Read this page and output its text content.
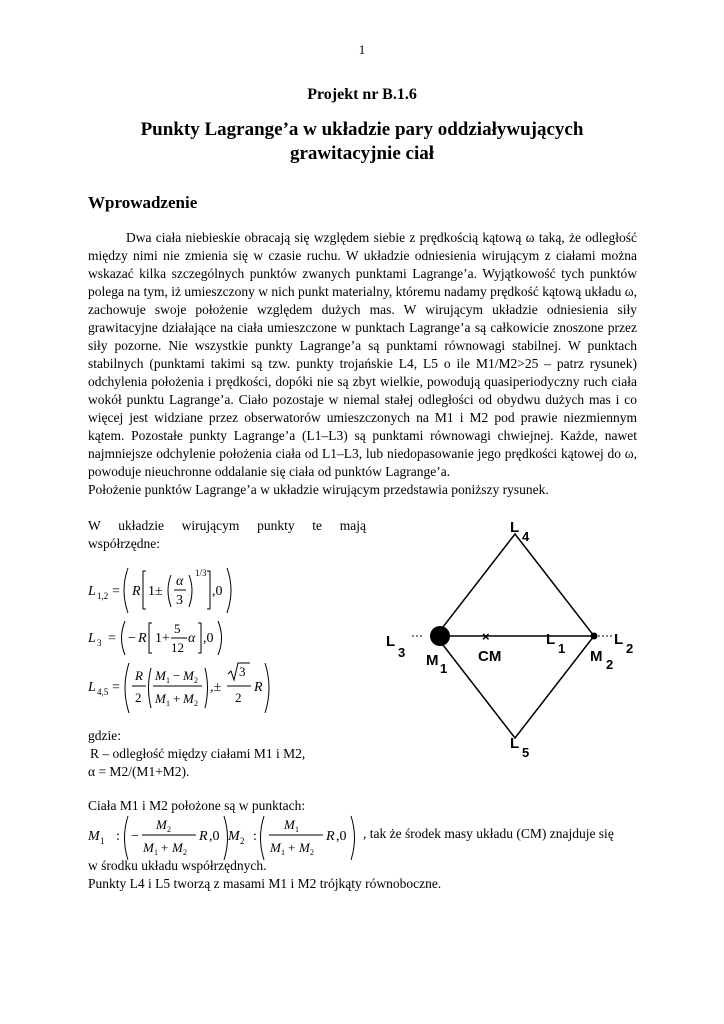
1
Projekt nr B.1.6
Punkty Lagrange’a w układzie pary oddziaływujących
grawitacyjnie ciał
Wprowadzenie

Dwa ciała niebieskie obracają się względem siebie z prędkością kątową ω taką, że odległość między nimi nie zmienia się w czasie ruchu. W układzie odniesienia wirującym z ciałami można wskazać kilka szczególnych punktów zwanych punktami Lagrange’a. Wyjątkowość tych punktów polega na tym, iż umieszczony w nich punkt materialny, któremu nadamy prędkość kątową układu ω, zachowuje swoje położenie względem dużych mas. W wirującym układzie odniesienia siły grawitacyjne działające na ciała umieszczone w punktach Lagrange’a są całkowicie znoszone przez siły pozorne. Nie wszystkie punkty Lagrange’a są punktami równowagi stabilnej. W punktach stabilnych (punktami takimi są tzw. punkty trojańskie L4, L5 o ile M1/M2>25 – patrz rysunek) odchylenia położenia i prędkości, dopóki nie są zbyt wielkie, powodują quasiperiodyczny ruch ciała wokół punktu Lagrange’a. Ciało pozostaje w niemal stałej odległości od obydwu dużych mas i co więcej jest widziane przez obserwatorów umieszczonych na M1 i M2 pod prawie niezmiennym kątem. Pozostałe punkty Lagrange’a (L1–L3) są punktami równowagi chwiejnej. Każde, nawet najmniejsze odchylenie położenia ciała od L1–L3, lub niedopasowanie jego prędkości kątowej do ω, powoduje nieuchronne oddalanie się ciała od punktów Lagrange’a.

Położenie punktów Lagrange’a w układzie wirującym przedstawia poniższy rysunek.
W układzie wirującym punkty te mają współrzędne:
L 1,2 = R 1±
α
3
1/3
,0
L 3 = − R 1+
5
12
α ,0
L 4,5 =
R
2
M 1 − M 2
M 1 + M 2
,±
3
2
R
gdzie:
R – odległość między ciałami M1 i M2,
α = M2/(M1+M2).
Ciała M1 i M2 położone są w punktach:
M 1 : −
M 2
M 1 + M 2
R ,0 M 2 :
M 1
M 1 + M 2
R ,0 , tak że środek masy układu (CM) znajduje się
w środku układu współrzędnych.
Punkty L4 i L5 tworzą z masami M1 i M2 trójkąty równoboczne.
×
L
4
L
1
L
2
L
3
L
5
M 1
M 2
CM
